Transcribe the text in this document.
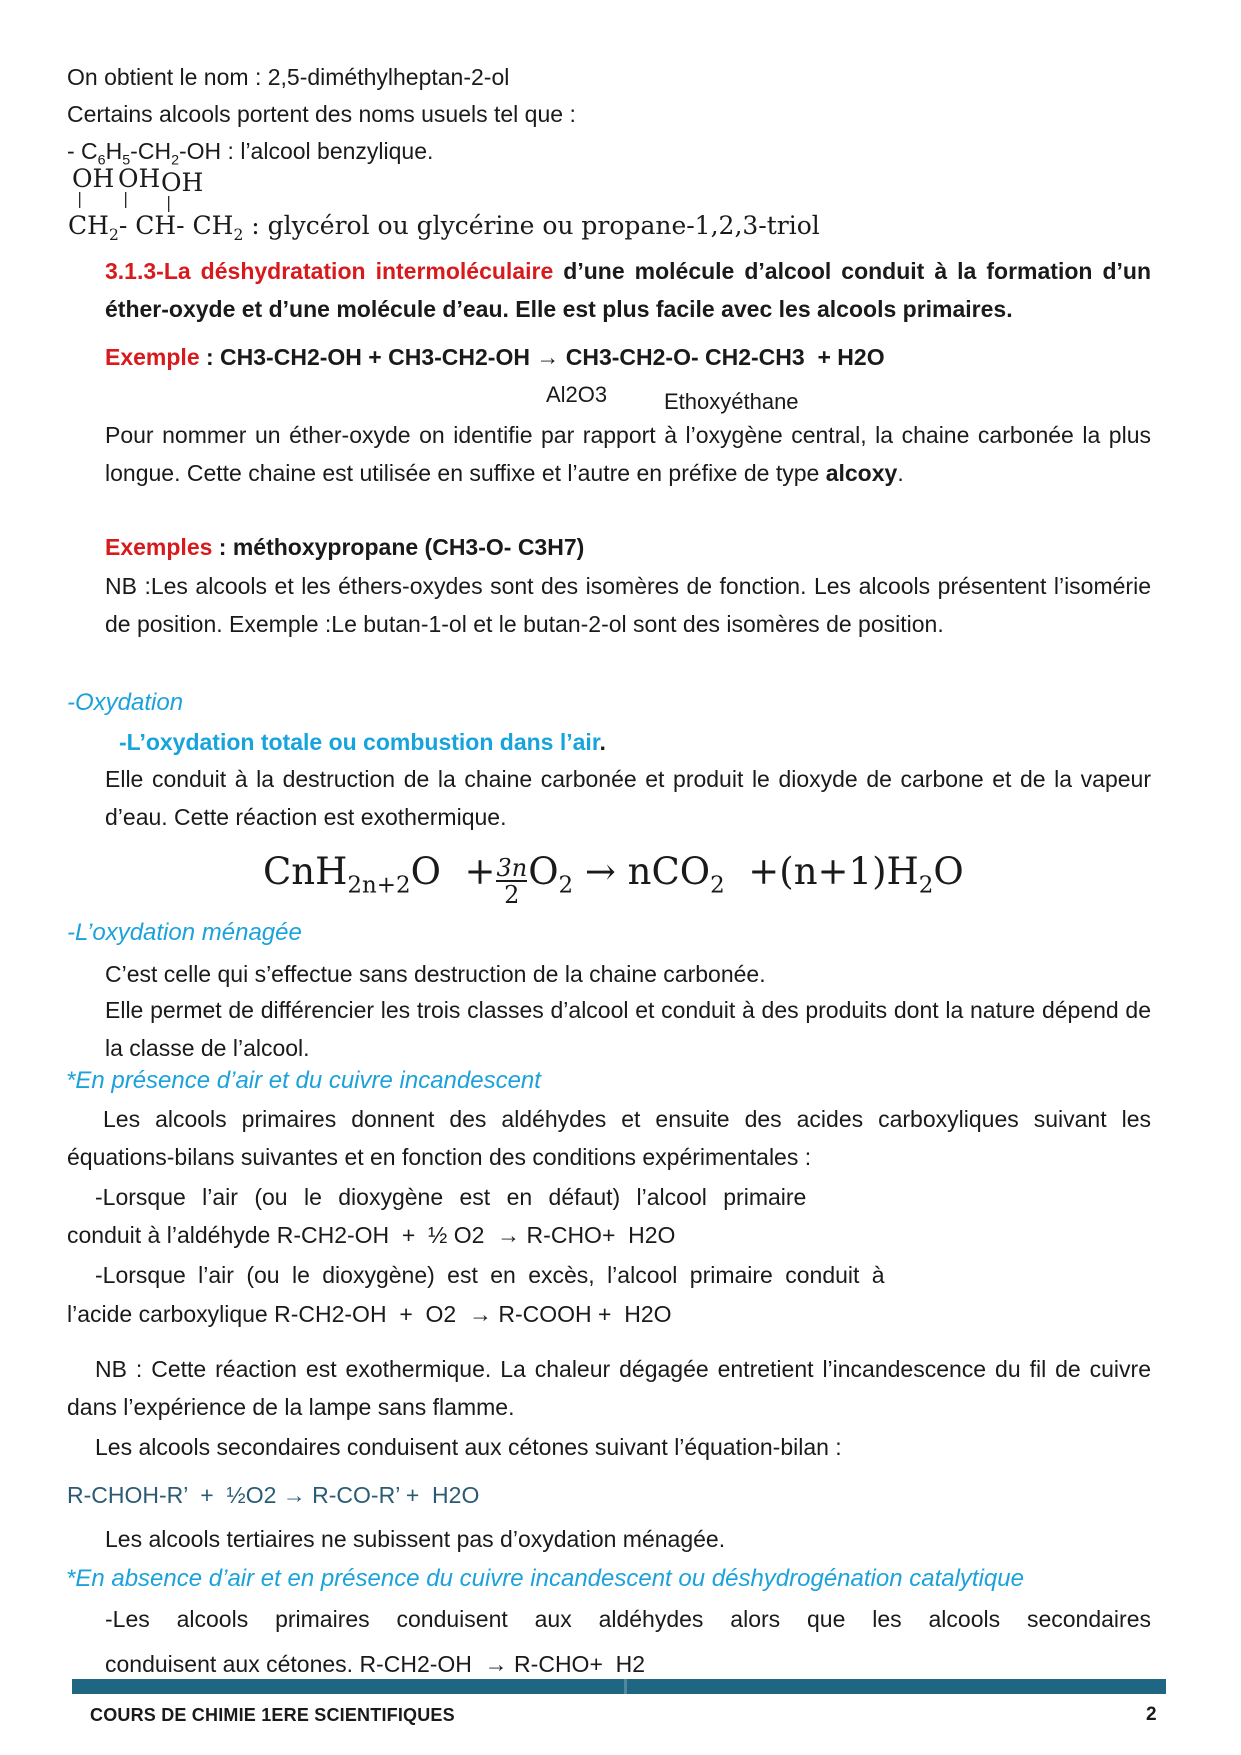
On obtient le nom : 2,5-diméthylheptan-2-ol
Certains alcools portent des noms usuels tel que :
- $C_6H_5-CH_2-OH$ : l’alcool benzylique.
OH OH OH
|	| |
$CH_2-$ CH- $CH_2$ : glycérol ou glycérine ou propane-1,2,3-triol
3.1.3-La déshydratation intermoléculaire d’une molécule d’alcool conduit à la formation d’un éther-oxyde et d’une molécule d’eau. Elle est plus facile avec les alcools primaires.
Exemple : CH3-CH2-OH + CH3-CH2-OH → CH3-CH2-O- CH2-CH3  + H2O
Al2O3	Ethoxyéthane
Pour nommer un éther-oxyde on identifie par rapport à l’oxygène central, la chaine carbonée la plus longue. Cette chaine est utilisée en suffixe et l’autre en préfixe de type alcoxy.
Exemples : méthoxypropane (CH3-O- C3H7)
NB :Les alcools et les éthers-oxydes sont des isomères de fonction. Les alcools présentent l’isomérie de position. Exemple :Le butan-1-ol et le butan-2-ol sont des isomères de position.
-Oxydation
-L’oxydation totale ou combustion dans l’air.
Elle conduit à la destruction de la chaine carbonée et produit le dioxyde de carbone et de la vapeur d’eau. Cette réaction est exothermique.
$CnH_{2n+2}O + \frac{3n}{2} O_2 \to nCO_2 +(n+1)H_2O$
-L’oxydation ménagée
C’est celle qui s’effectue sans destruction de la chaine carbonée.
Elle permet de différencier les trois classes d’alcool et conduit à des produits dont la nature dépend de la classe de l’alcool.
*En présence d’air et du cuivre incandescent
Les alcools primaires donnent des aldéhydes et ensuite des acides carboxyliques suivant les équations-bilans suivantes et en fonction des conditions expérimentales :
-Lorsque l’air (ou le dioxygène est en défaut) l’alcool primaire
conduit à l’aldéhyde R-CH2-OH  +  ½ O2  → R-CHO+  H2O
-Lorsque l’air (ou le dioxygène) est en excès, l’alcool primaire conduit à
l’acide carboxylique R-CH2-OH  +  O2  → R-COOH +  H2O
NB : Cette réaction est exothermique. La chaleur dégagée entretient l’incandescence du fil de cuivre dans l’expérience de la lampe sans flamme.
Les alcools secondaires conduisent aux cétones suivant l’équation-bilan :
R-CHOH-R’  +  ½O2 → R-CO-R’ +  H2O
Les alcools tertiaires ne subissent pas d’oxydation ménagée.
*En absence d’air et en présence du cuivre incandescent ou déshydrogénation catalytique
-Les alcools primaires conduisent aux aldéhydes alors que les alcools secondaires
conduisent aux cétones. R-CH2-OH  → R-CHO+  H2
COURS DE CHIMIE 1ERE SCIENTIFIQUES	2
